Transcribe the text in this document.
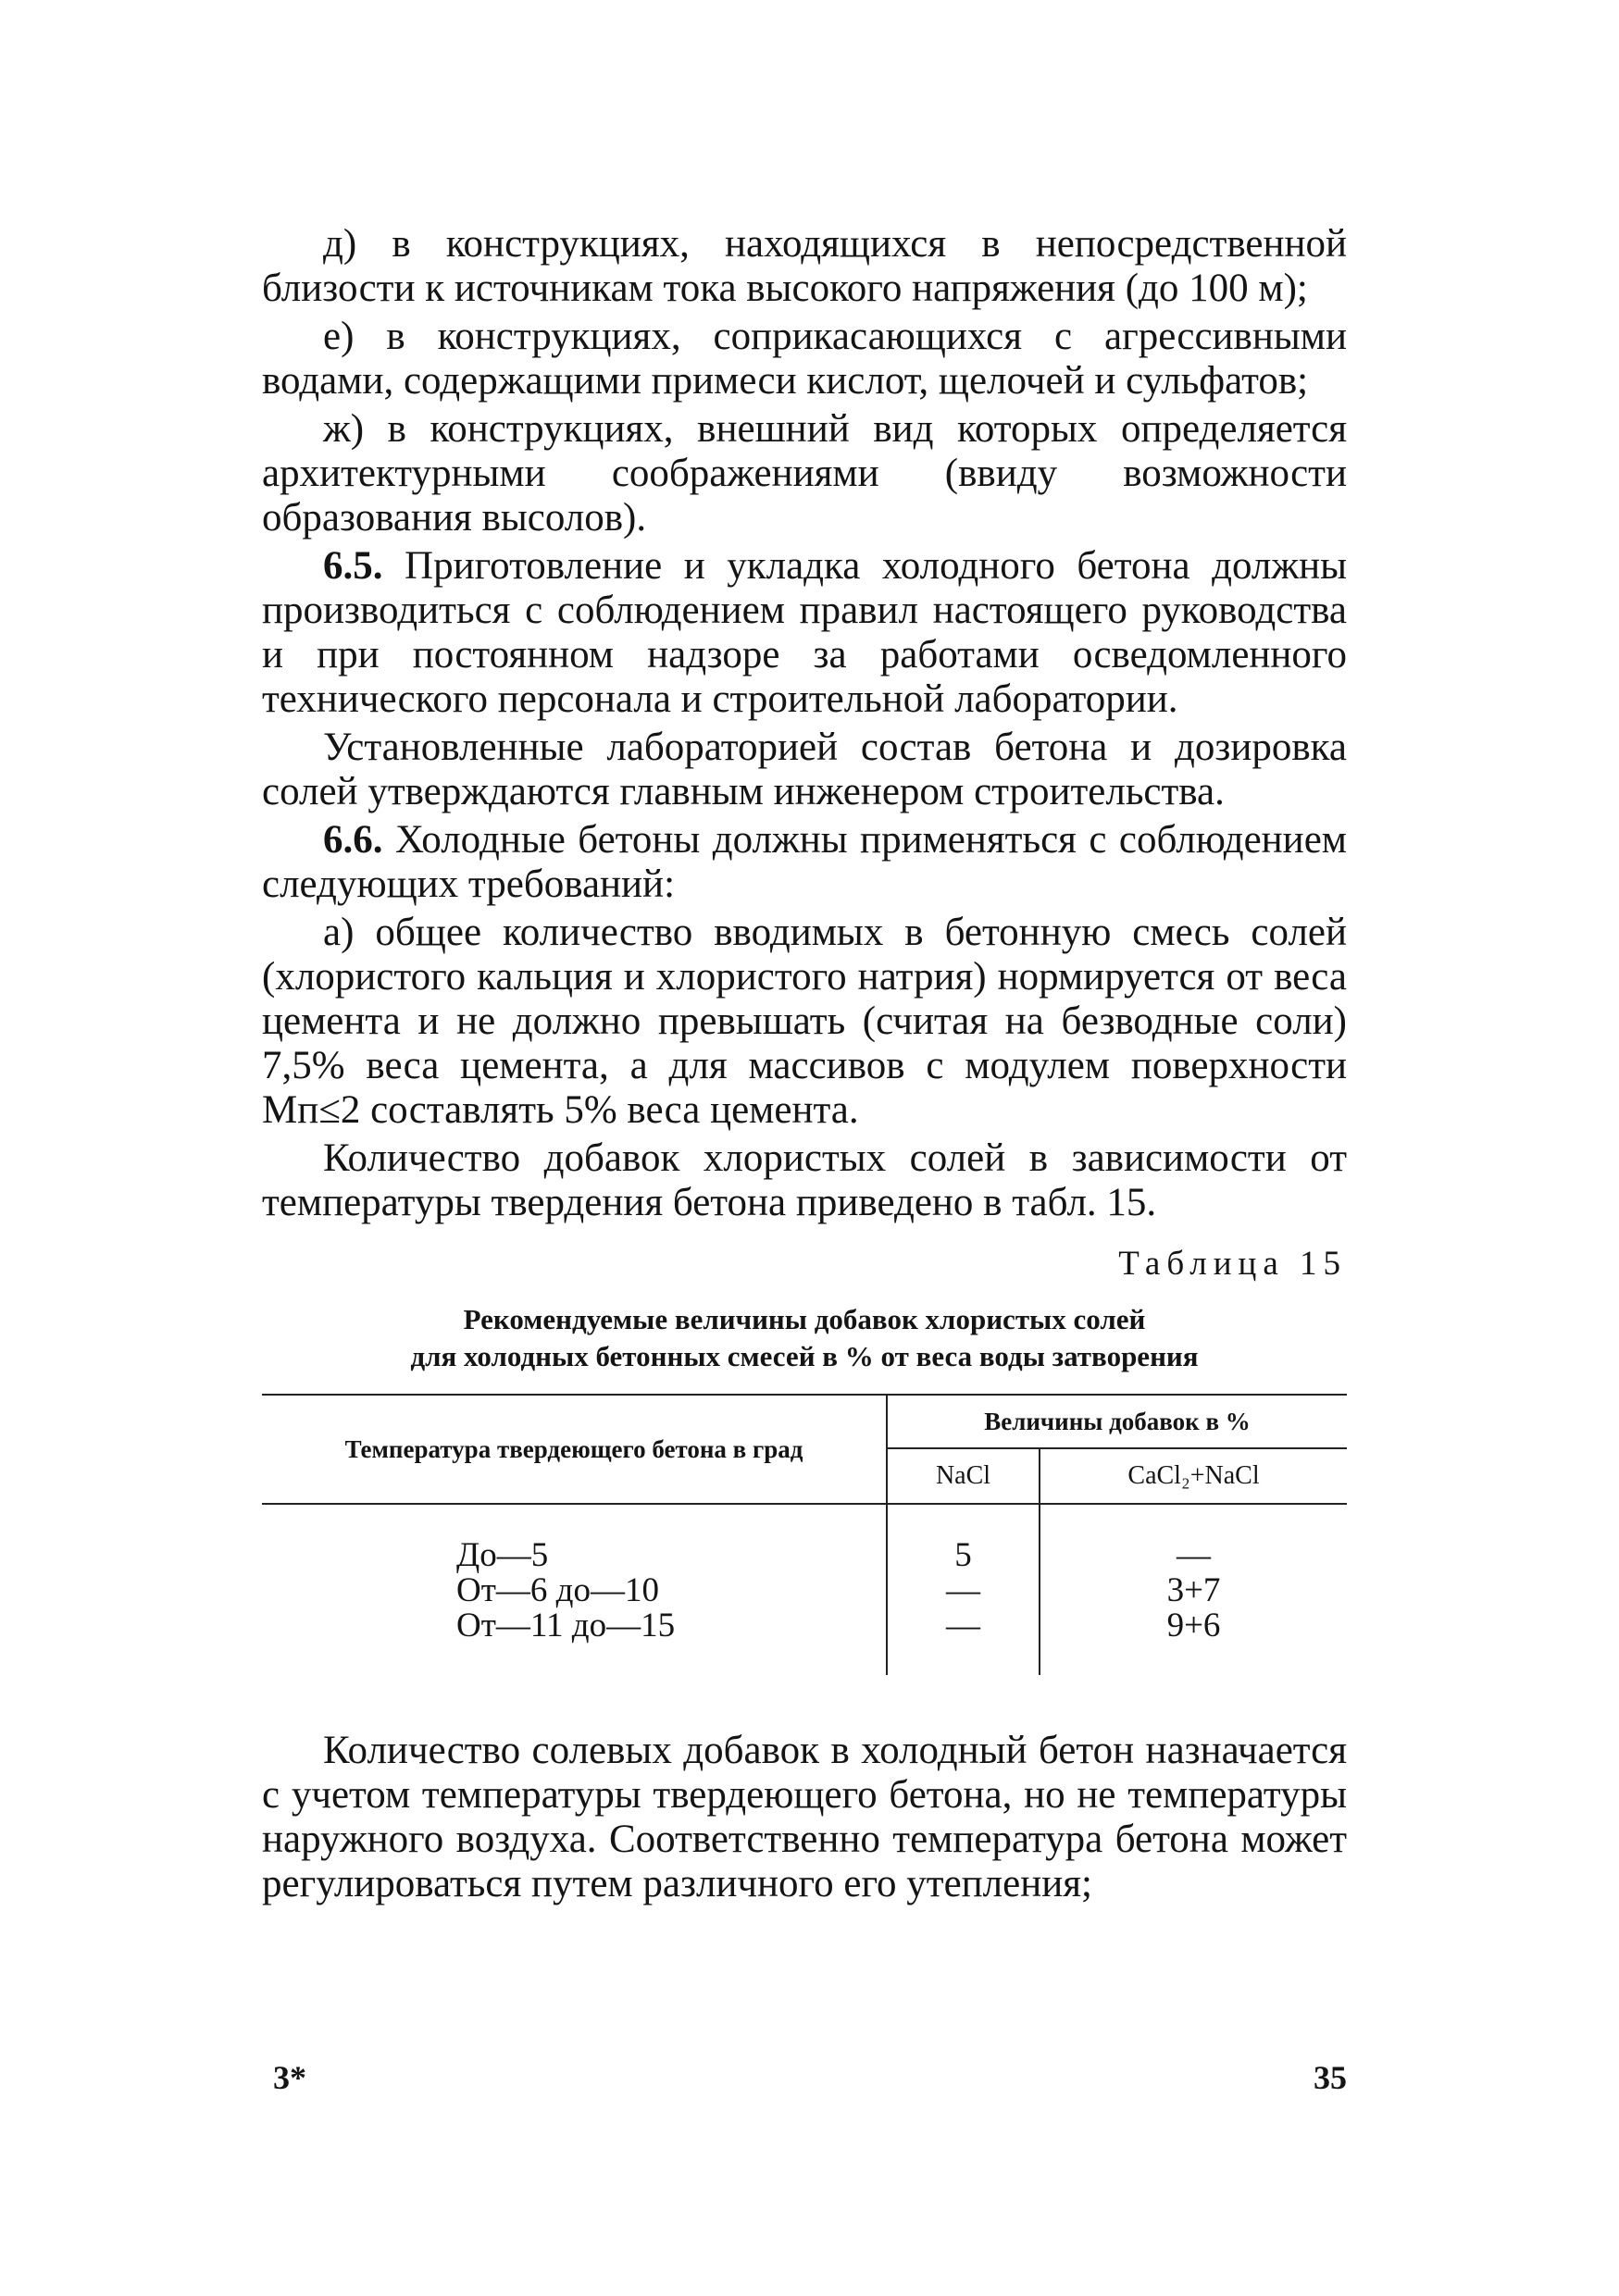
д) в конструкциях, находящихся в непосредственной близости к источникам тока высокого напряжения (до 100 м);

е) в конструкциях, соприкасающихся с агрессивными водами, содержащими примеси кислот, щелочей и сульфатов;

ж) в конструкциях, внешний вид которых определяется архитектурными соображениями (ввиду возможности образования высолов).

6.5. Приготовление и укладка холодного бетона должны производиться с соблюдением правил настоящего руководства и при постоянном надзоре за работами осведомленного технического персонала и строительной лаборатории.

Установленные лабораторией состав бетона и дозировка солей утверждаются главным инженером строительства.

6.6. Холодные бетоны должны применяться с соблюдением следующих требований:

а) общее количество вводимых в бетонную смесь солей (хлористого кальция и хлористого натрия) нормируется от веса цемента и не должно превышать (считая на безводные соли) 7,5% веса цемента, а для массивов с модулем поверхности Mп≤2 составлять 5% веса цемента.

Количество добавок хлористых солей в зависимости от температуры твердения бетона приведено в табл. 15.

Таблица 15
Рекомендуемые величины добавок хлористых солей
для холодных бетонных смесей в % от веса воды затворения
Температура твердеющего бетона в град	Величины добавок в %	
	NaCl	CaCl₂+NaCl
До—5	5	—
От—6 до—10	—	3+7
От—11 до—15	—	9+6

Количество солевых добавок в холодный бетон назначается с учетом температуры твердеющего бетона, но не температуры наружного воздуха. Соответственно температура бетона может регулироваться путем различного его утепления;

3*	35
